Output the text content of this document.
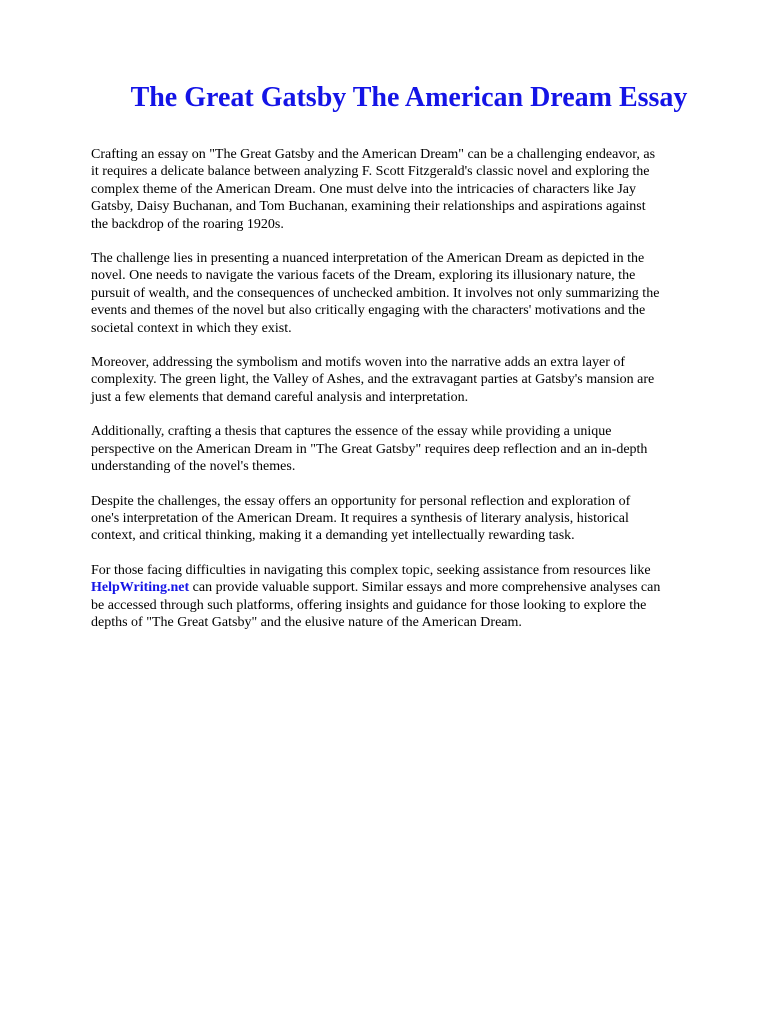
The Great Gatsby The American Dream Essay

Crafting an essay on "The Great Gatsby and the American Dream" can be a challenging endeavor, as
it requires a delicate balance between analyzing F. Scott Fitzgerald's classic novel and exploring the
complex theme of the American Dream. One must delve into the intricacies of characters like Jay
Gatsby, Daisy Buchanan, and Tom Buchanan, examining their relationships and aspirations against
the backdrop of the roaring 1920s.

The challenge lies in presenting a nuanced interpretation of the American Dream as depicted in the
novel. One needs to navigate the various facets of the Dream, exploring its illusionary nature, the
pursuit of wealth, and the consequences of unchecked ambition. It involves not only summarizing the
events and themes of the novel but also critically engaging with the characters' motivations and the
societal context in which they exist.

Moreover, addressing the symbolism and motifs woven into the narrative adds an extra layer of
complexity. The green light, the Valley of Ashes, and the extravagant parties at Gatsby's mansion are
just a few elements that demand careful analysis and interpretation.

Additionally, crafting a thesis that captures the essence of the essay while providing a unique
perspective on the American Dream in "The Great Gatsby" requires deep reflection and an in-depth
understanding of the novel's themes.

Despite the challenges, the essay offers an opportunity for personal reflection and exploration of
one's interpretation of the American Dream. It requires a synthesis of literary analysis, historical
context, and critical thinking, making it a demanding yet intellectually rewarding task.

For those facing difficulties in navigating this complex topic, seeking assistance from resources like
HelpWriting.net can provide valuable support. Similar essays and more comprehensive analyses can
be accessed through such platforms, offering insights and guidance for those looking to explore the
depths of "The Great Gatsby" and the elusive nature of the American Dream.
